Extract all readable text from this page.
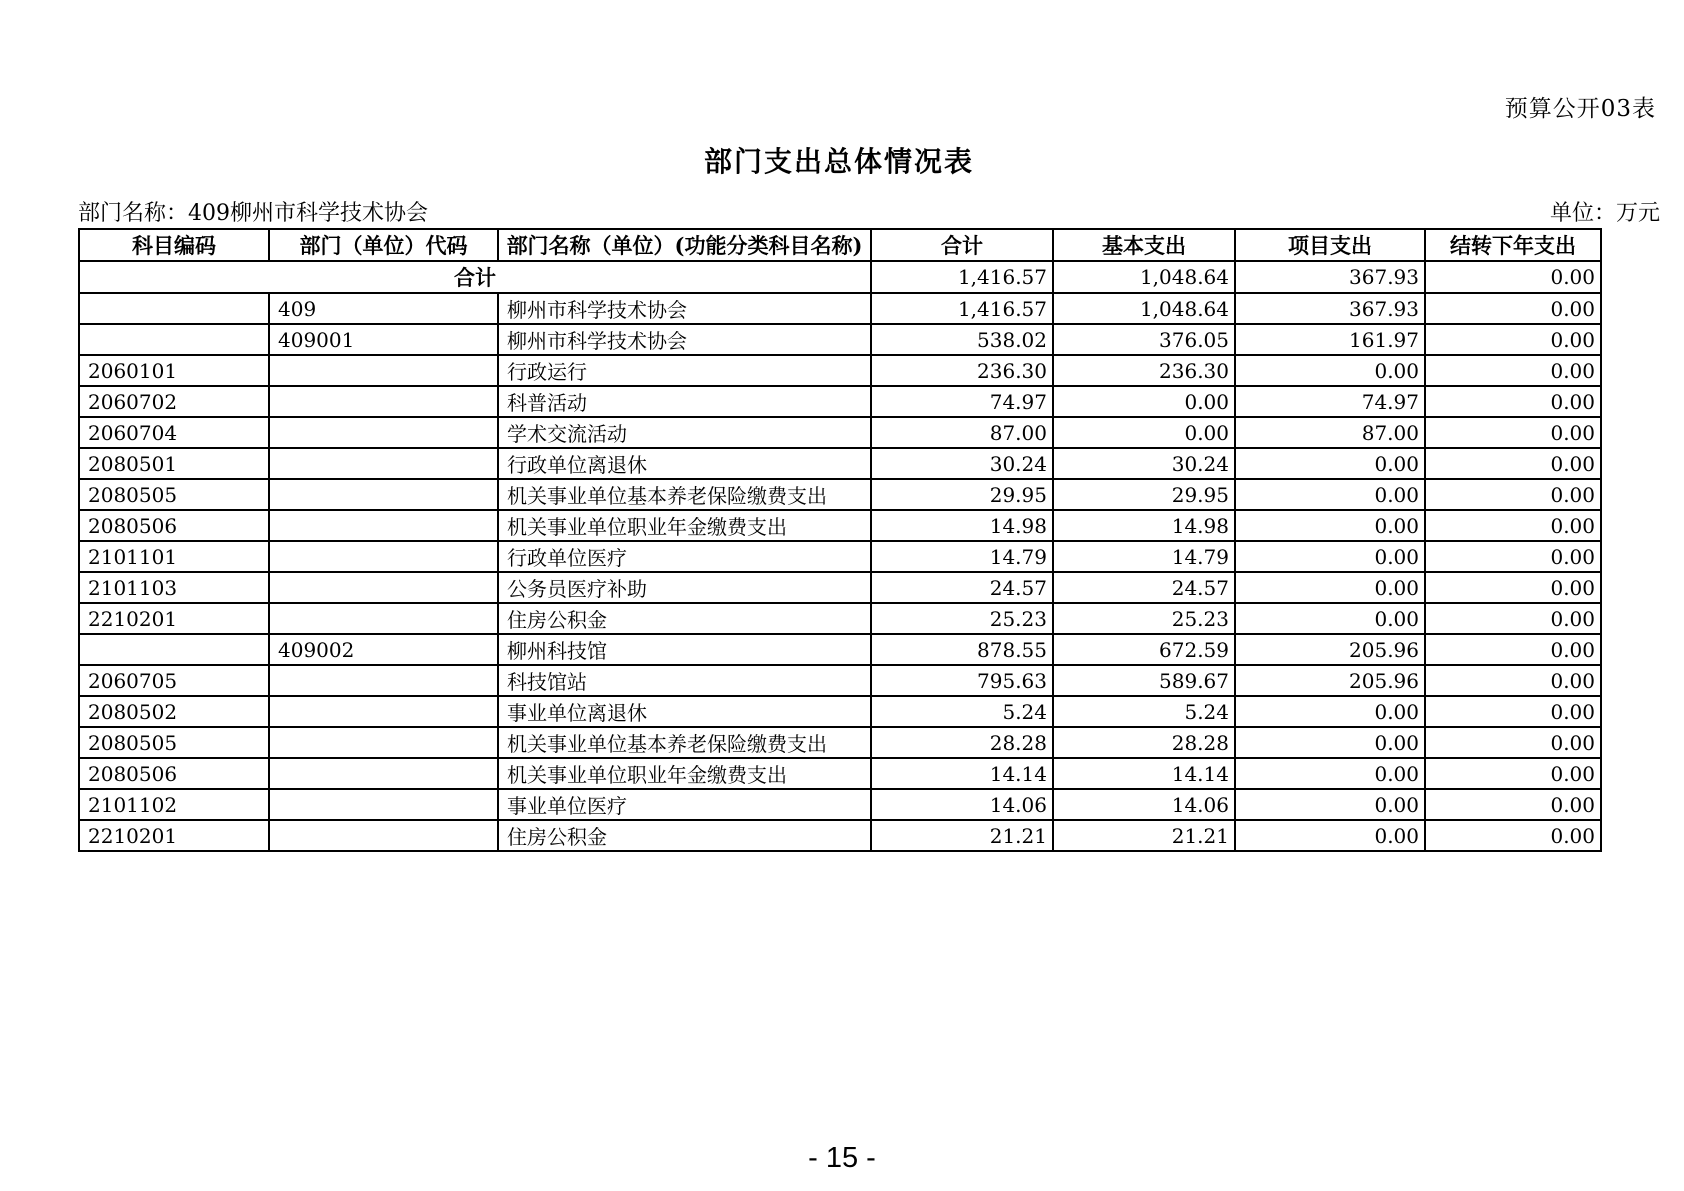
预算公开03表
部门支出总体情况表
部门名称：409柳州市科学技术协会	单位：万元
科目编码	部门（单位）代码	部门名称（单位）(功能分类科目名称)	合计	基本支出	项目支出	结转下年支出
合计			1,416.57	1,048.64	367.93	0.00
	409	柳州市科学技术协会	1,416.57	1,048.64	367.93	0.00
	409001	柳州市科学技术协会	538.02	376.05	161.97	0.00
2060101		行政运行	236.30	236.30	0.00	0.00
2060702		科普活动	74.97	0.00	74.97	0.00
2060704		学术交流活动	87.00	0.00	87.00	0.00
2080501		行政单位离退休	30.24	30.24	0.00	0.00
2080505		机关事业单位基本养老保险缴费支出	29.95	29.95	0.00	0.00
2080506		机关事业单位职业年金缴费支出	14.98	14.98	0.00	0.00
2101101		行政单位医疗	14.79	14.79	0.00	0.00
2101103		公务员医疗补助	24.57	24.57	0.00	0.00
2210201		住房公积金	25.23	25.23	0.00	0.00
	409002	柳州科技馆	878.55	672.59	205.96	0.00
2060705		科技馆站	795.63	589.67	205.96	0.00
2080502		事业单位离退休	5.24	5.24	0.00	0.00
2080505		机关事业单位基本养老保险缴费支出	28.28	28.28	0.00	0.00
2080506		机关事业单位职业年金缴费支出	14.14	14.14	0.00	0.00
2101102		事业单位医疗	14.06	14.06	0.00	0.00
2210201		住房公积金	21.21	21.21	0.00	0.00
- 15 -
